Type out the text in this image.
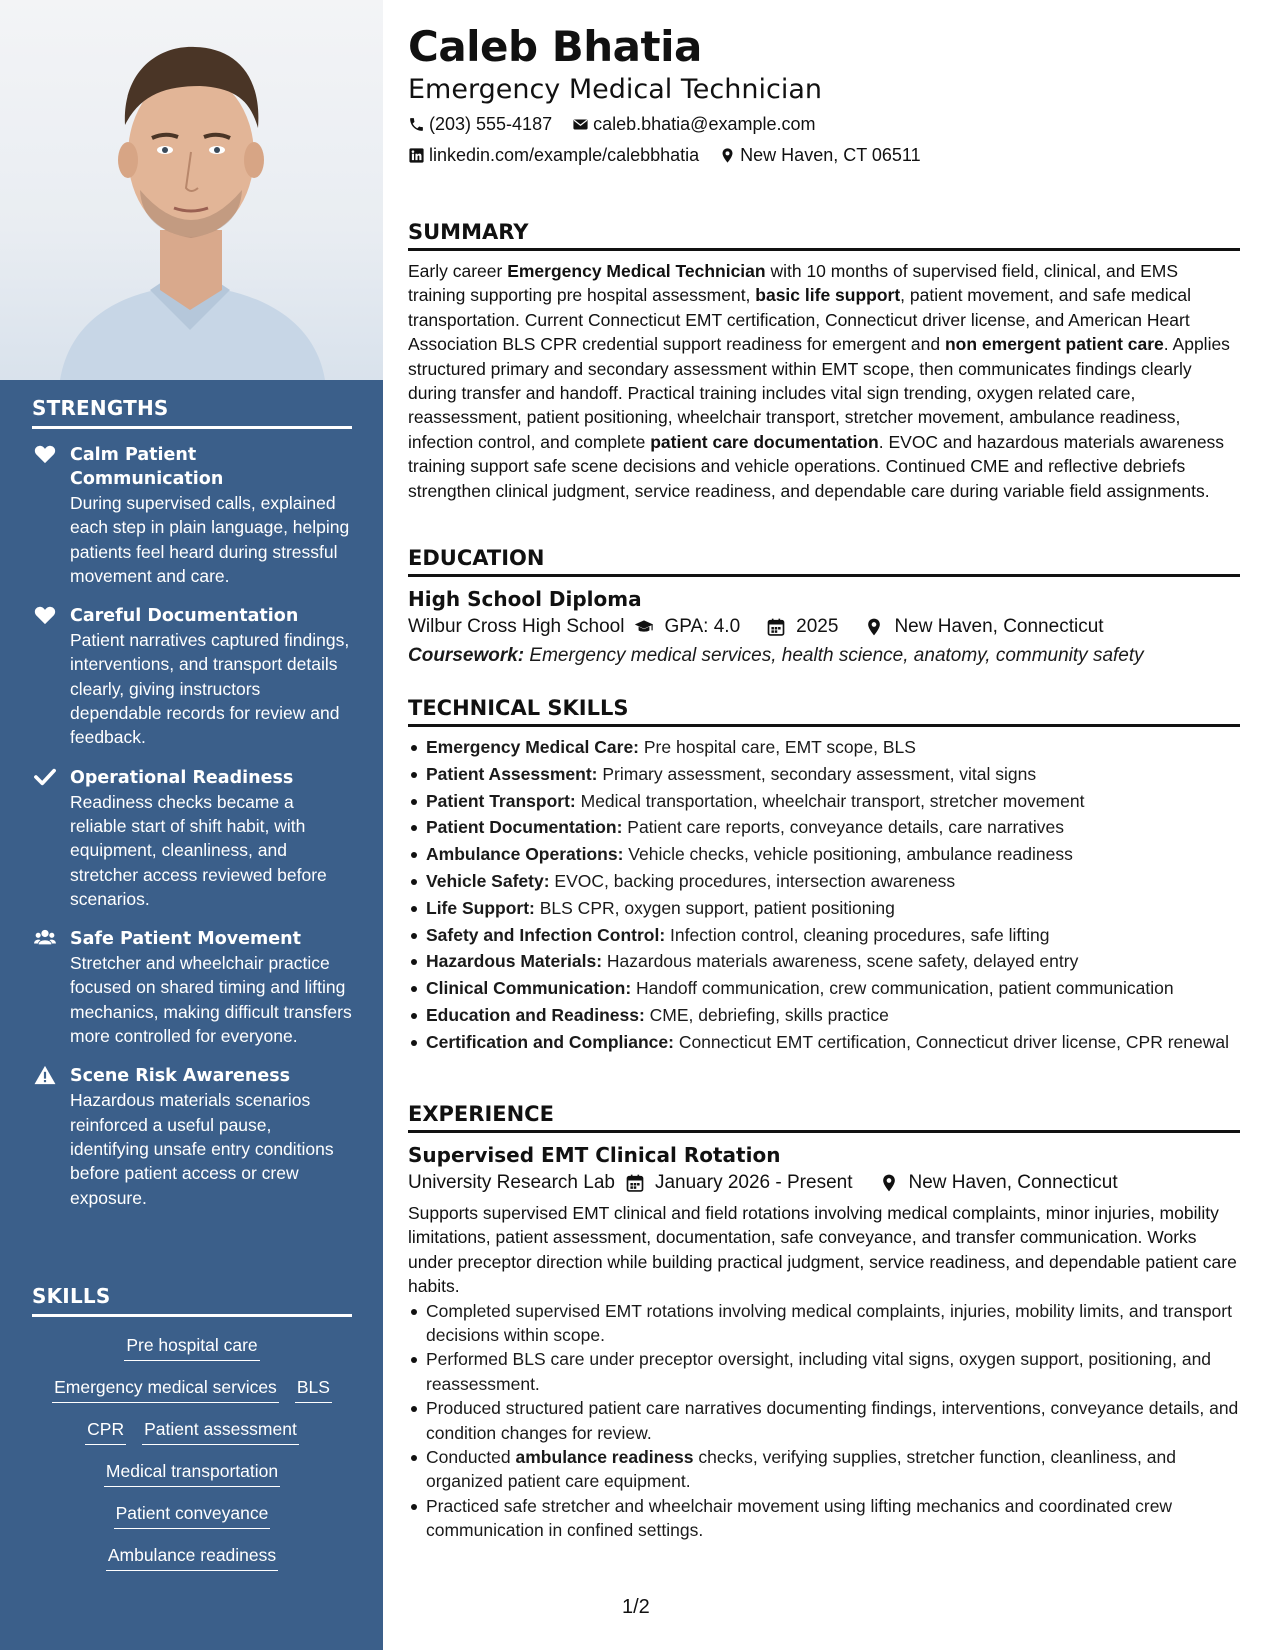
STRENGTHS
Calm Patient Communication
During supervised calls, explained each step in plain language, helping patients feel heard during stressful movement and care.
Careful Documentation
Patient narratives captured findings, interventions, and transport details clearly, giving instructors dependable records for review and feedback.
Operational Readiness
Readiness checks became a reliable start of shift habit, with equipment, cleanliness, and stretcher access reviewed before scenarios.
Safe Patient Movement
Stretcher and wheelchair practice focused on shared timing and lifting mechanics, making difficult transfers more controlled for everyone.
Scene Risk Awareness
Hazardous materials scenarios reinforced a useful pause, identifying unsafe entry conditions before patient access or crew exposure.
SKILLS
Pre hospital care
Emergency medical services BLS
CPR Patient assessment
Medical transportation
Patient conveyance
Ambulance readiness
Caleb Bhatia
Emergency Medical Technician
(203) 555-4187 caleb.bhatia@example.com
linkedin.com/example/calebbhatia New Haven, CT 06511
SUMMARY

Early career Emergency Medical Technician with 10 months of supervised field, clinical, and EMS training supporting pre hospital assessment, basic life support, patient movement, and safe medical transportation. Current Connecticut EMT certification, Connecticut driver license, and American Heart Association BLS CPR credential support readiness for emergent and non emergent patient care. Applies structured primary and secondary assessment within EMT scope, then communicates findings clearly during transfer and handoff. Practical training includes vital sign trending, oxygen related care, reassessment, patient positioning, wheelchair transport, stretcher movement, ambulance readiness, infection control, and complete patient care documentation. EVOC and hazardous materials awareness training support safe scene decisions and vehicle operations. Continued CME and reflective debriefs strengthen clinical judgment, service readiness, and dependable care during variable field assignments.

EDUCATION
High School Diploma
Wilbur Cross High School GPA: 4.0	2025	New Haven, Connecticut
Coursework: Emergency medical services, health science, anatomy, community safety
TECHNICAL SKILLS
Emergency Medical Care: Pre hospital care, EMT scope, BLS
Patient Assessment: Primary assessment, secondary assessment, vital signs
Patient Transport: Medical transportation, wheelchair transport, stretcher movement
Patient Documentation: Patient care reports, conveyance details, care narratives
Ambulance Operations: Vehicle checks, vehicle positioning, ambulance readiness
Vehicle Safety: EVOC, backing procedures, intersection awareness
Life Support: BLS CPR, oxygen support, patient positioning
Safety and Infection Control: Infection control, cleaning procedures, safe lifting
Hazardous Materials: Hazardous materials awareness, scene safety, delayed entry
Clinical Communication: Handoff communication, crew communication, patient communication
Education and Readiness: CME, debriefing, skills practice
Certification and Compliance: Connecticut EMT certification, Connecticut driver license, CPR renewal
EXPERIENCE
Supervised EMT Clinical Rotation
University Research Lab January 2026 - Present	New Haven, Connecticut

Supports supervised EMT clinical and field rotations involving medical complaints, minor injuries, mobility limitations, patient assessment, documentation, safe conveyance, and transfer communication. Works under preceptor direction while building practical judgment, service readiness, and dependable patient care habits.

Completed supervised EMT rotations involving medical complaints, injuries, mobility limits, and transport decisions within scope.
Performed BLS care under preceptor oversight, including vital signs, oxygen support, positioning, and reassessment.
Produced structured patient care narratives documenting findings, interventions, conveyance details, and condition changes for review.
Conducted ambulance readiness checks, verifying supplies, stretcher function, cleanliness, and organized patient care equipment.
Practiced safe stretcher and wheelchair movement using lifting mechanics and coordinated crew communication in confined settings.
1/2
